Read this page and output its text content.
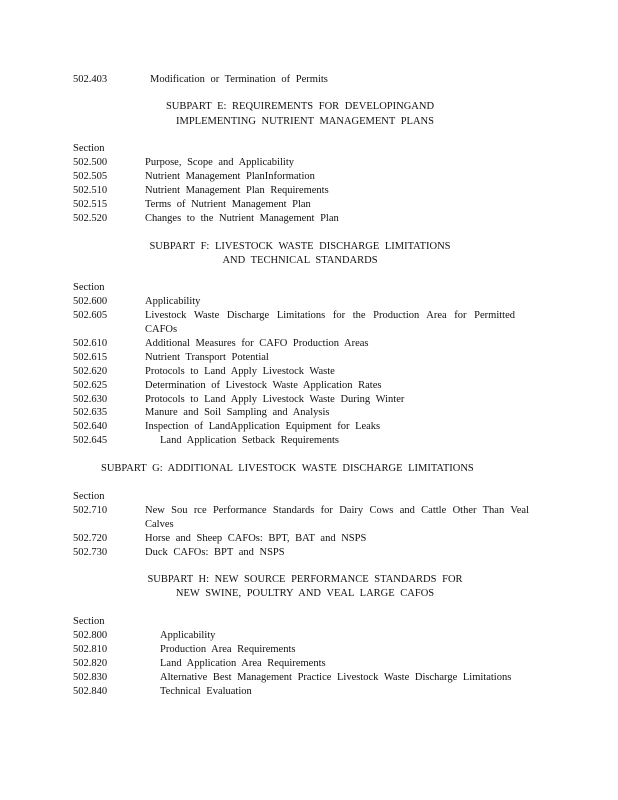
502.403	Modification or Termination of Permits
SUBPART E: REQUIREMENTS FOR DEVELOPINGAND
IMPLEMENTING NUTRIENT MANAGEMENT PLANS
Section
502.500	Purpose, Scope and Applicability
502.505	Nutrient Management PlanInformation
502.510	Nutrient Management Plan Requirements
502.515	Terms of Nutrient Management Plan
502.520	Changes to the Nutrient Management Plan
SUBPART F: LIVESTOCK WASTE DISCHARGE LIMITATIONS
AND TECHNICAL STANDARDS
Section
502.600	Applicability
502.605	Livestock Waste Discharge Limitations for the Production Area for Permitted CAFOs
502.610	Additional Measures for CAFO Production Areas
502.615	Nutrient Transport Potential
502.620	Protocols to Land Apply Livestock Waste
502.625	Determination of Livestock Waste Application Rates
502.630	Protocols to Land Apply Livestock Waste During Winter
502.635	Manure and Soil Sampling and Analysis
502.640	Inspection of LandApplication Equipment for Leaks
502.645	Land Application Setback Requirements
SUBPART G: ADDITIONAL LIVESTOCK WASTE DISCHARGE LIMITATIONS
Section
502.710	New Sou rce Performance Standards for Dairy Cows and Cattle Other Than Veal Calves
502.720	Horse and Sheep CAFOs: BPT, BAT and NSPS
502.730	Duck CAFOs: BPT and NSPS
SUBPART H: NEW SOURCE PERFORMANCE STANDARDS FOR
NEW SWINE, POULTRY AND VEAL LARGE CAFOS
Section
502.800	Applicability
502.810	Production Area Requirements
502.820	Land Application Area Requirements
502.830	Alternative Best Management Practice Livestock Waste Discharge Limitations
502.840	Technical Evaluation
